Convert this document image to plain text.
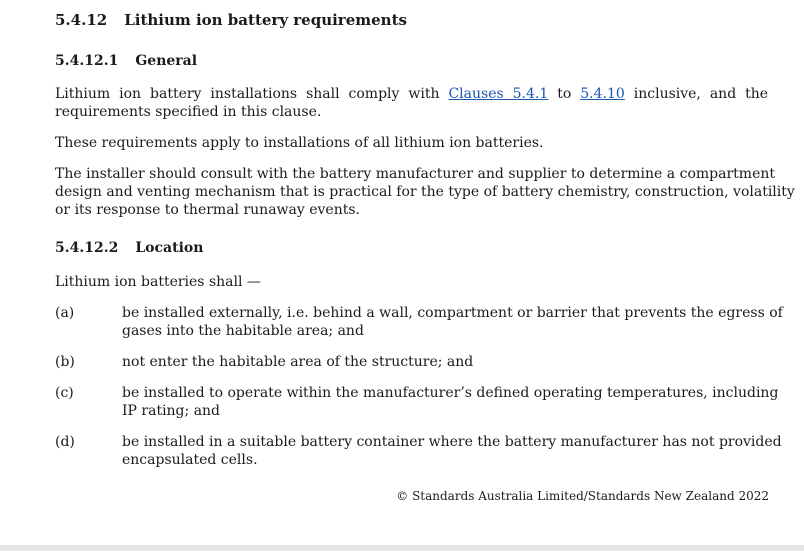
5.4.12 Lithium ion battery requirements
5.4.12.1 General
Lithium ion battery installations shall comply with Clauses 5.4.1 to 5.4.10 inclusive, and the
requirements specified in this clause.
These requirements apply to installations of all lithium ion batteries.
The installer should consult with the battery manufacturer and supplier to determine a compartment
design and venting mechanism that is practical for the type of battery chemistry, construction, volatility
or its response to thermal runaway events.
5.4.12.2 Location
Lithium ion batteries shall —
(a)	be installed externally, i.e. behind a wall, compartment or barrier that prevents the egress of
gases into the habitable area; and
(b)	not enter the habitable area of the structure; and
(c)	be installed to operate within the manufacturer’s defined operating temperatures, including
IP rating; and
(d)	be installed in a suitable battery container where the battery manufacturer has not provided
encapsulated cells.
© Standards Australia Limited/Standards New Zealand 2022
